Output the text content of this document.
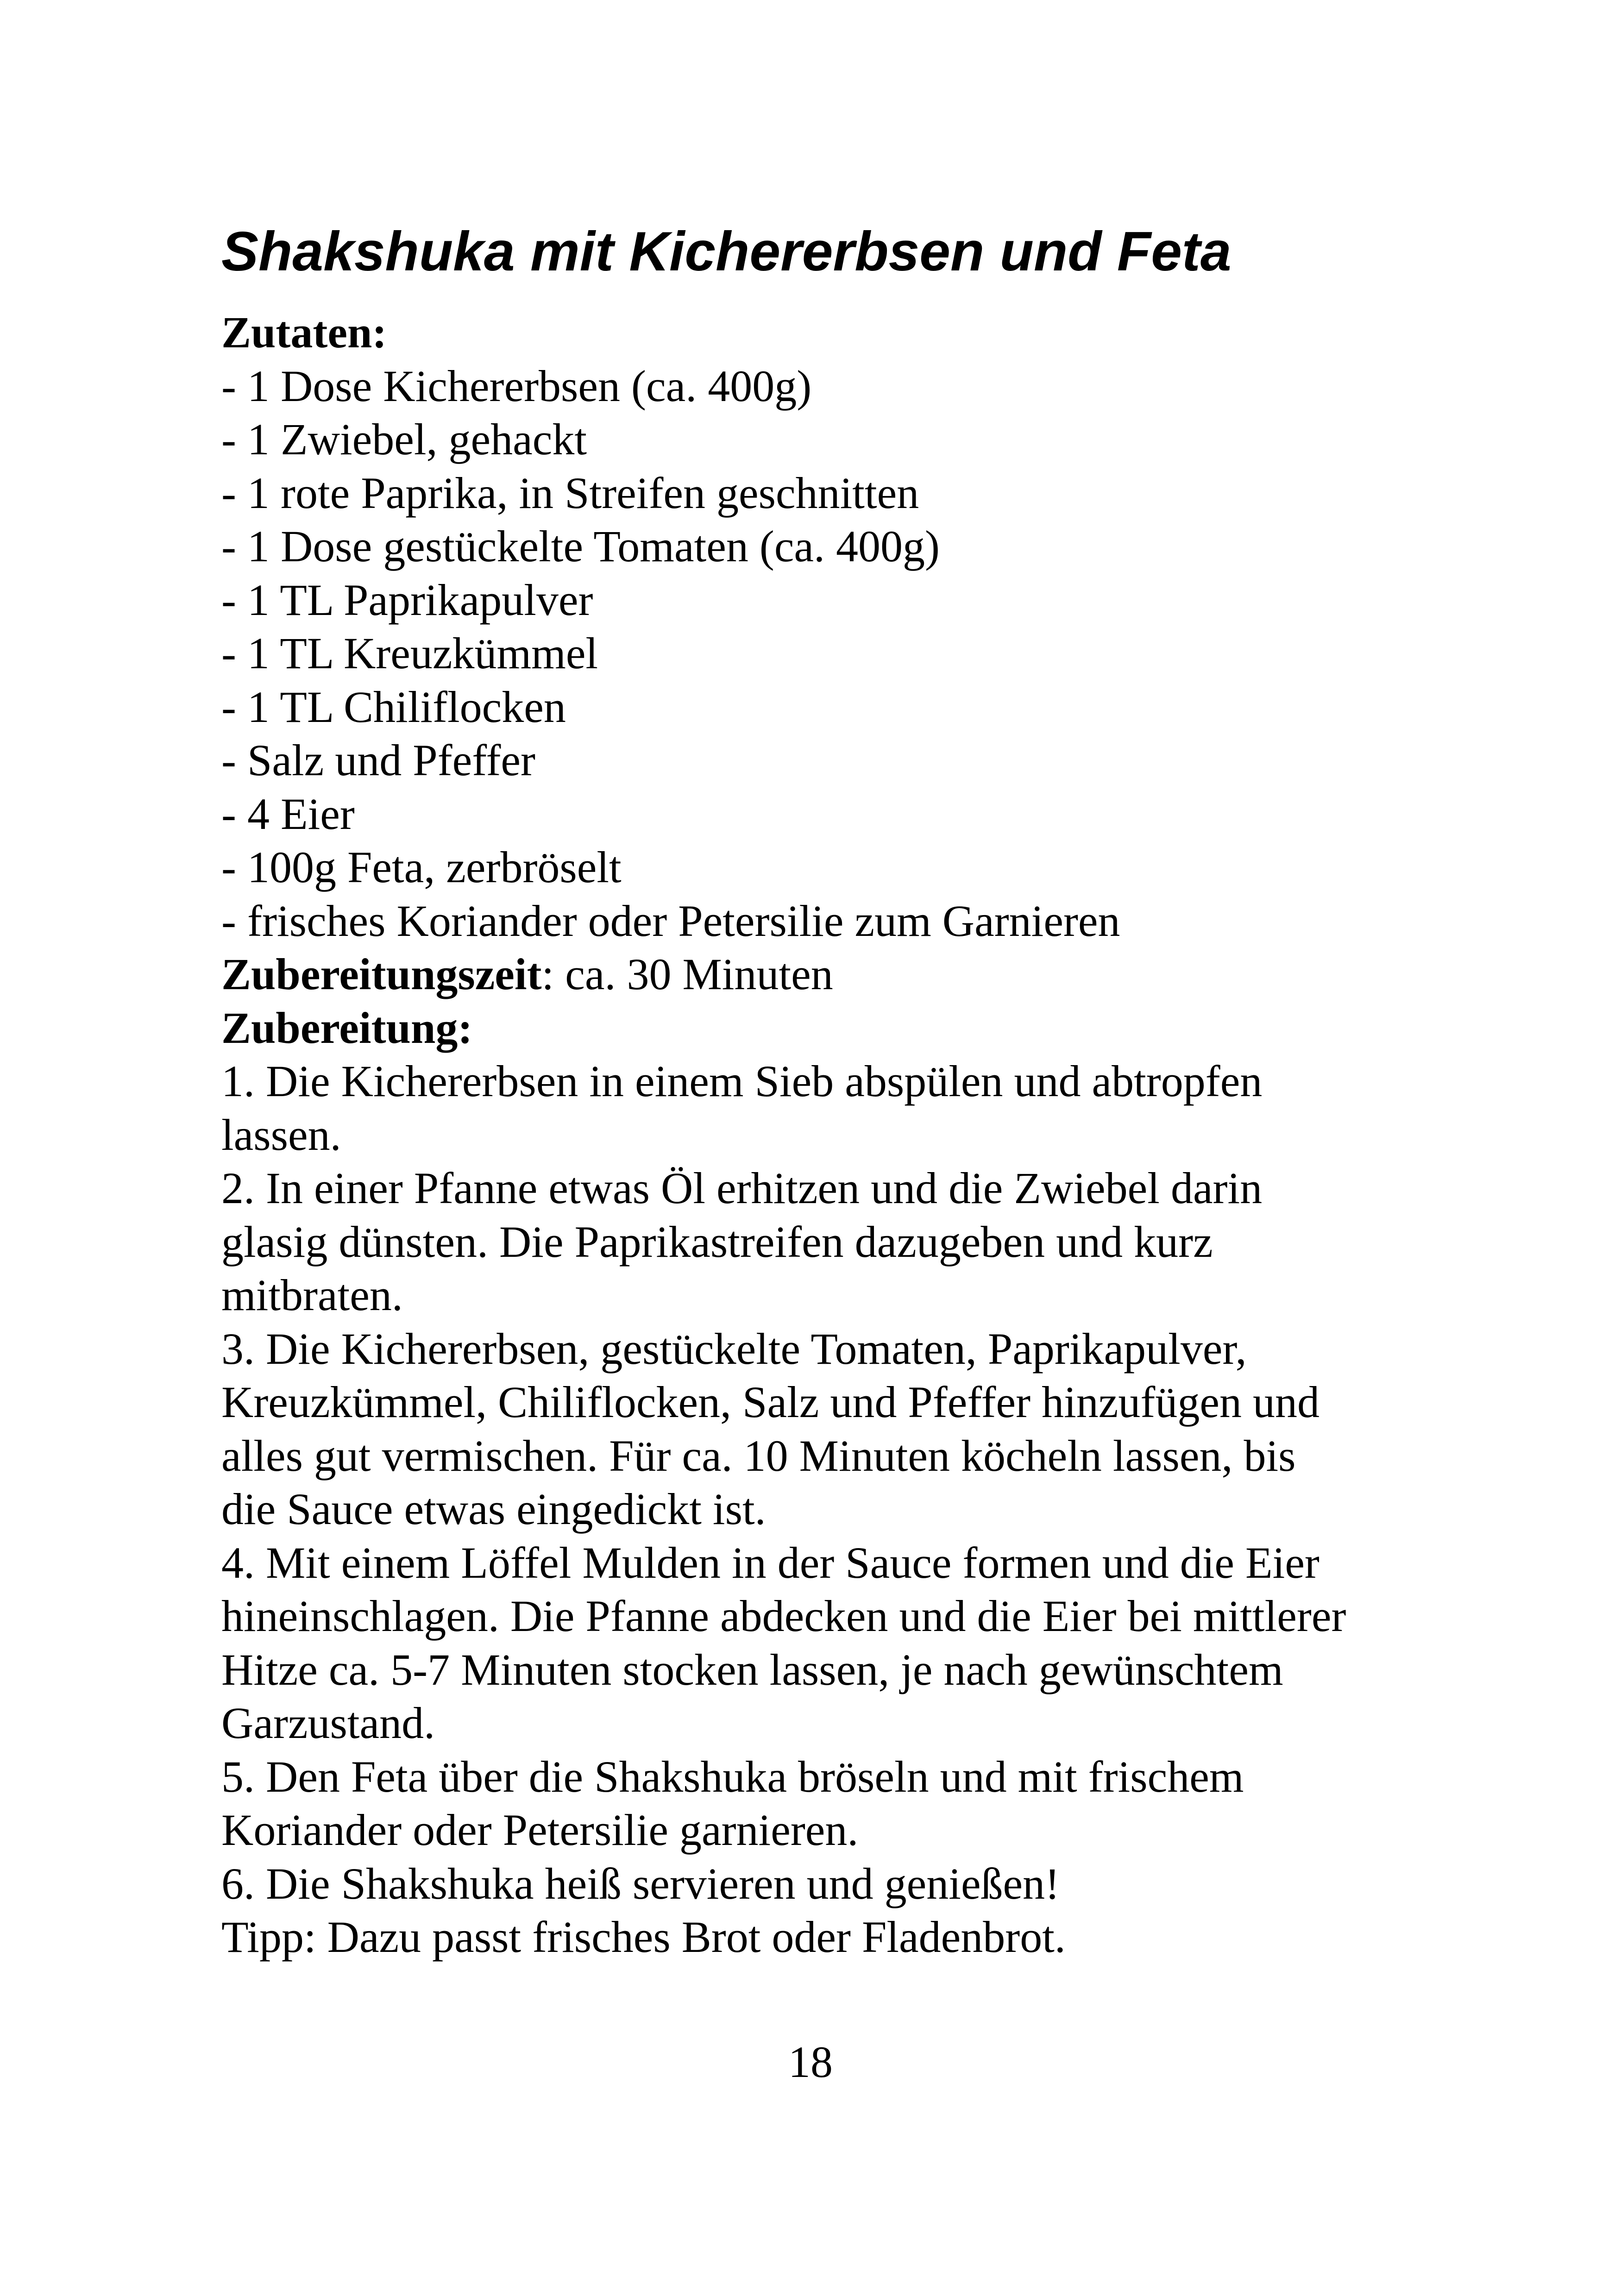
Shakshuka mit Kichererbsen und Feta

Zutaten:

- 1 Dose Kichererbsen (ca. 400g)

- 1 Zwiebel, gehackt

- 1 rote Paprika, in Streifen geschnitten

- 1 Dose gestückelte Tomaten (ca. 400g)

- 1 TL Paprikapulver

- 1 TL Kreuzkümmel

- 1 TL Chiliflocken

- Salz und Pfeffer

- 4 Eier

- 100g Feta, zerbröselt

- frisches Koriander oder Petersilie zum Garnieren

Zubereitungszeit: ca. 30 Minuten

Zubereitung:

1. Die Kichererbsen in einem Sieb abspülen und abtropfen

lassen.

2. In einer Pfanne etwas Öl erhitzen und die Zwiebel darin

glasig dünsten. Die Paprikastreifen dazugeben und kurz

mitbraten.

3. Die Kichererbsen, gestückelte Tomaten, Paprikapulver,

Kreuzkümmel, Chiliflocken, Salz und Pfeffer hinzufügen und

alles gut vermischen. Für ca. 10 Minuten köcheln lassen, bis

die Sauce etwas eingedickt ist.

4. Mit einem Löffel Mulden in der Sauce formen und die Eier

hineinschlagen. Die Pfanne abdecken und die Eier bei mittlerer

Hitze ca. 5-7 Minuten stocken lassen, je nach gewünschtem

Garzustand.

5. Den Feta über die Shakshuka bröseln und mit frischem

Koriander oder Petersilie garnieren.

6. Die Shakshuka heiß servieren und genießen!

Tipp: Dazu passt frisches Brot oder Fladenbrot.

18
